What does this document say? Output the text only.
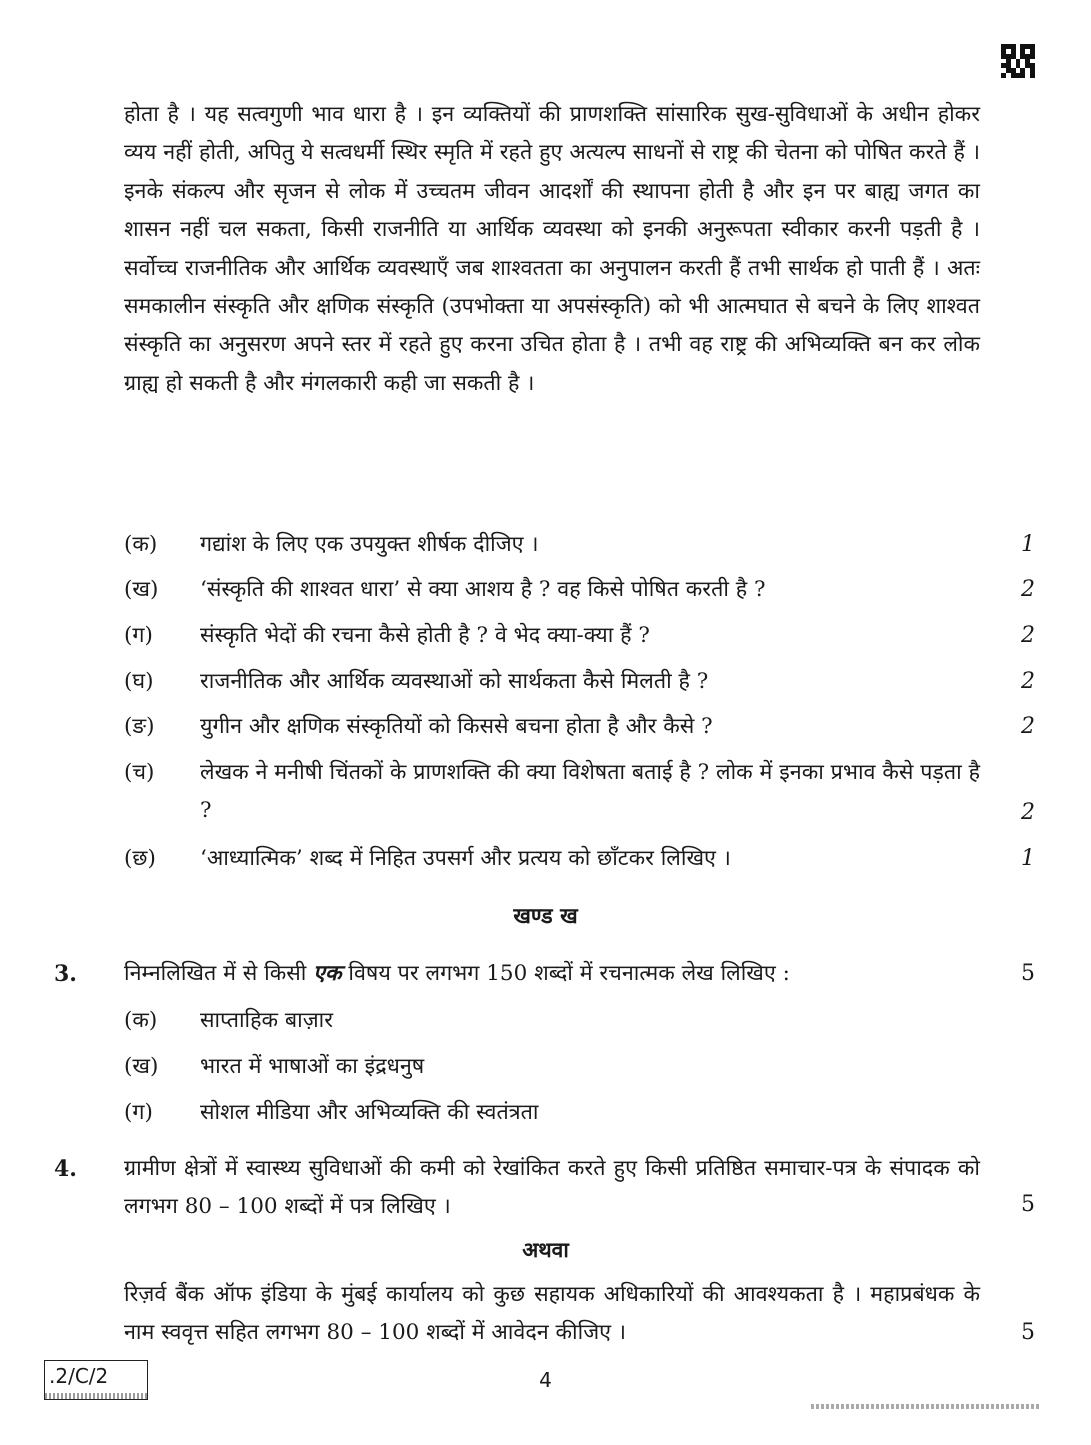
होता है । यह सत्वगुणी भाव धारा है । इन व्यक्तियों की प्राणशक्ति सांसारिक सुख-सुविधाओं के अधीन होकर व्यय नहीं होती, अपितु ये सत्वधर्मी स्थिर स्मृति में रहते हुए अत्यल्प साधनों से राष्ट्र की चेतना को पोषित करते हैं । इनके संकल्प और सृजन से लोक में उच्चतम जीवन आदर्शों की स्थापना होती है और इन पर बाह्य जगत का शासन नहीं चल सकता, किसी राजनीति या आर्थिक व्यवस्था को इनकी अनुरूपता स्वीकार करनी पड़ती है । सर्वोच्च राजनीतिक और आर्थिक व्यवस्थाएँ जब शाश्वतता का अनुपालन करती हैं तभी सार्थक हो पाती हैं । अतः समकालीन संस्कृति और क्षणिक संस्कृति (उपभोक्ता या अपसंस्कृति) को भी आत्मघात से बचने के लिए शाश्वत संस्कृति का अनुसरण अपने स्तर में रहते हुए करना उचित होता है । तभी वह राष्ट्र की अभिव्यक्ति बन कर लोक ग्राह्य हो सकती है और मंगलकारी कही जा सकती है ।
(क) गद्यांश के लिए एक उपयुक्त शीर्षक दीजिए ।	1
(ख) ‘संस्कृति की शाश्वत धारा’ से क्या आशय है ? वह किसे पोषित करती है ?	2
(ग) संस्कृति भेदों की रचना कैसे होती है ? वे भेद क्या-क्या हैं ?	2
(घ) राजनीतिक और आर्थिक व्यवस्थाओं को सार्थकता कैसे मिलती है ?	2
(ङ) युगीन और क्षणिक संस्कृतियों को किससे बचना होता है और कैसे ?	2
(च) लेखक ने मनीषी चिंतकों के प्राणशक्ति की क्या विशेषता बताई है ? लोक में इनका प्रभाव कैसे पड़ता है ?	2
(छ) ‘आध्यात्मिक’ शब्द में निहित उपसर्ग और प्रत्यय को छाँटकर लिखिए ।	1
खण्ड ख
3. निम्नलिखित में से किसी एक विषय पर लगभग 150 शब्दों में रचनात्मक लेख लिखिए :	5
(क) साप्ताहिक बाज़ार
(ख) भारत में भाषाओं का इंद्रधनुष
(ग) सोशल मीडिया और अभिव्यक्ति की स्वतंत्रता
4. ग्रामीण क्षेत्रों में स्वास्थ्य सुविधाओं की कमी को रेखांकित करते हुए किसी प्रतिष्ठित समाचार-पत्र के संपादक को लगभग 80 – 100 शब्दों में पत्र लिखिए ।	5
अथवा
रिज़र्व बैंक ऑफ इंडिया के मुंबई कार्यालय को कुछ सहायक अधिकारियों की आवश्यकता है । महाप्रबंधक के नाम स्ववृत्त सहित लगभग 80 – 100 शब्दों में आवेदन कीजिए ।	5
.2/C/2	4
